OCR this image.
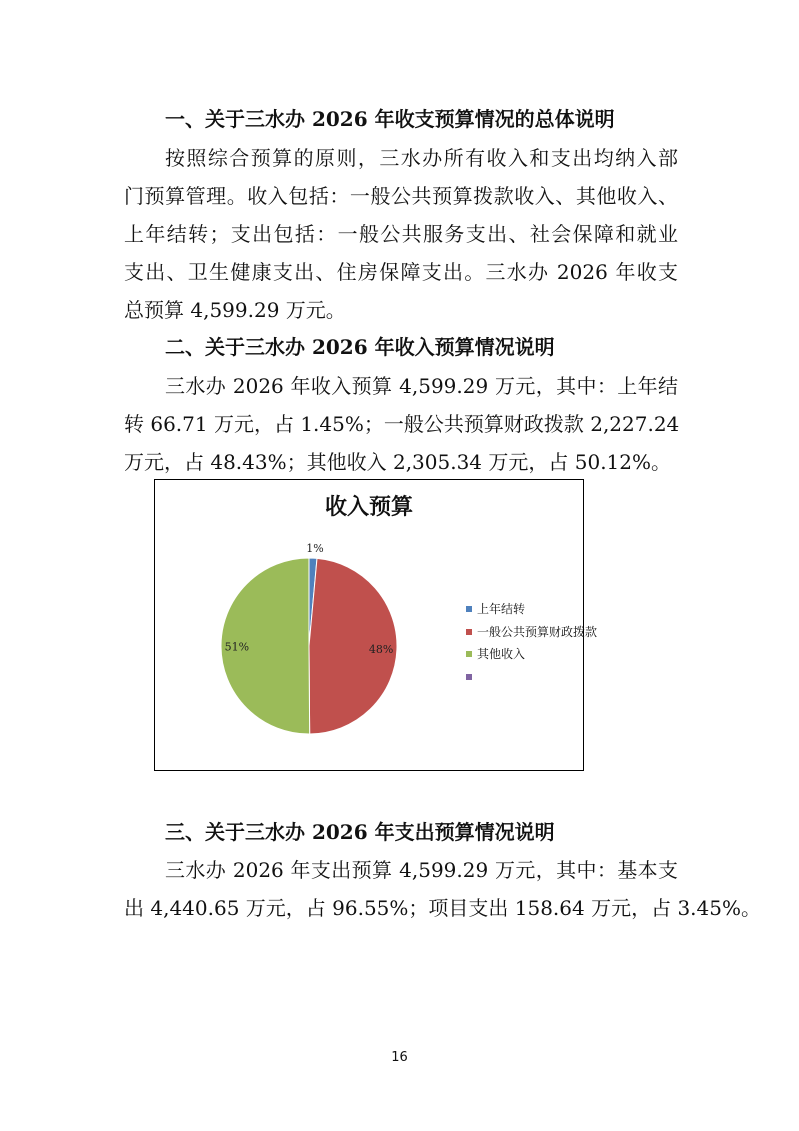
一、关于三水办 2026 年收支预算情况的总体说明
按照综合预算的原则，三水办所有收入和支出均纳入部
门预算管理。收入包括：一般公共预算拨款收入、其他收入、
上年结转；支出包括：一般公共服务支出、社会保障和就业
支出、卫生健康支出、住房保障支出。三水办 2026 年收支
总预算 4,599.29 万元。
二、关于三水办 2026 年收入预算情况说明
三水办 2026 年收入预算 4,599.29 万元，其中：上年结
转 66.71 万元，占 1.45%；一般公共预算财政拨款 2,227.24
万元，占 48.43%；其他收入 2,305.34 万元，占 50.12%。
收入预算
1%
48%
51%
上年结转
一般公共预算财政拨款
其他收入
三、关于三水办 2026 年支出预算情况说明
三水办 2026 年支出预算 4,599.29 万元，其中：基本支
出 4,440.65 万元，占 96.55%；项目支出 158.64 万元，占 3.45%。
16
